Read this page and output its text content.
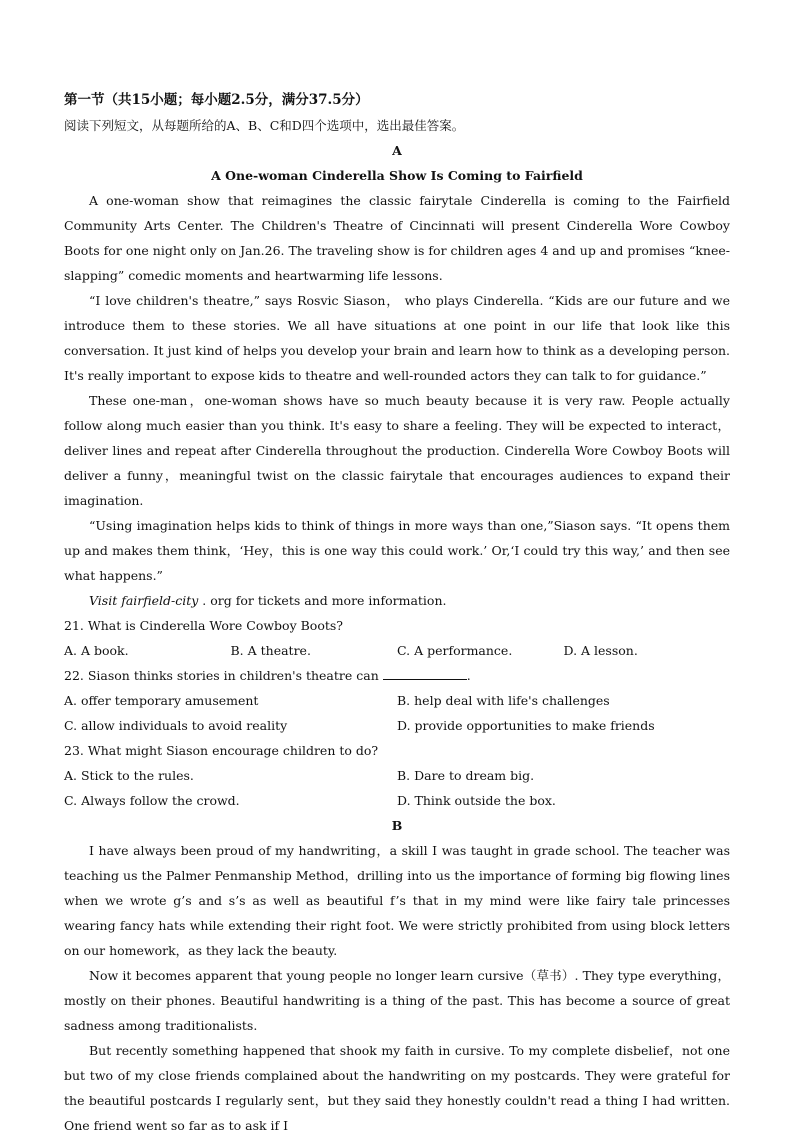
第一节（共15小题；每小题2.5分，满分37.5分）
阅读下列短文，从每题所给的A、B、C和D四个选项中，选出最佳答案。
A
A One-woman Cinderella Show Is Coming to Fairfield

A one-woman show that reimagines the classic fairytale Cinderella is coming to the Fairfield Community Arts Center. The Children's Theatre of Cincinnati will present Cinderella Wore Cowboy Boots for one night only on Jan.26. The traveling show is for children ages 4 and up and promises “knee-slapping” comedic moments and heartwarming life lessons.

“I love children's theatre,” says Rosvic Siason， who plays Cinderella. “Kids are our future and we introduce them to these stories. We all have situations at one point in our life that look like this conversation. It just kind of helps you develop your brain and learn how to think as a developing person. It's really important to expose kids to theatre and well-rounded actors they can talk to for guidance.”

These one-man，one-woman shows have so much beauty because it is very raw. People actually follow along much easier than you think. It's easy to share a feeling. They will be expected to interact，deliver lines and repeat after Cinderella throughout the production. Cinderella Wore Cowboy Boots will deliver a funny，meaningful twist on the classic fairytale that encourages audiences to expand their imagination.

“Using imagination helps kids to think of things in more ways than one,”Siason says. “It opens them up and makes them think，‘Hey，this is one way this could work.’ Or,‘I could try this way,’ and then see what happens.”

Visit fairfield-city . org for tickets and more information.

21. What is Cinderella Wore Cowboy Boots?
A. A book.	B. A theatre.	C. A performance.	D. A lesson.
22. Siason thinks stories in children's theatre can	.
A. offer temporary amusement	B. help deal with life's challenges
C. allow individuals to avoid reality	D. provide opportunities to make friends
23. What might Siason encourage children to do?
A. Stick to the rules.	B. Dare to dream big.
C. Always follow the crowd.	D. Think outside the box.
B

I have always been proud of my handwriting，a skill I was taught in grade school. The teacher was teaching us the Palmer Penmanship Method，drilling into us the importance of forming big flowing lines when we wrote g’s and s’s as well as beautiful f’s that in my mind were like fairy tale princesses wearing fancy hats while extending their right foot. We were strictly prohibited from using block letters on our homework，as they lack the beauty.

Now it becomes apparent that young people no longer learn cursive（草书）. They type everything，mostly on their phones. Beautiful handwriting is a thing of the past. This has become a source of great sadness among traditionalists.

But recently something happened that shook my faith in cursive. To my complete disbelief，not one but two of my close friends complained about the handwriting on my postcards. They were grateful for the beautiful postcards I regularly sent，but they said they honestly couldn't read a thing I had written. One friend went so far as to ask if I
